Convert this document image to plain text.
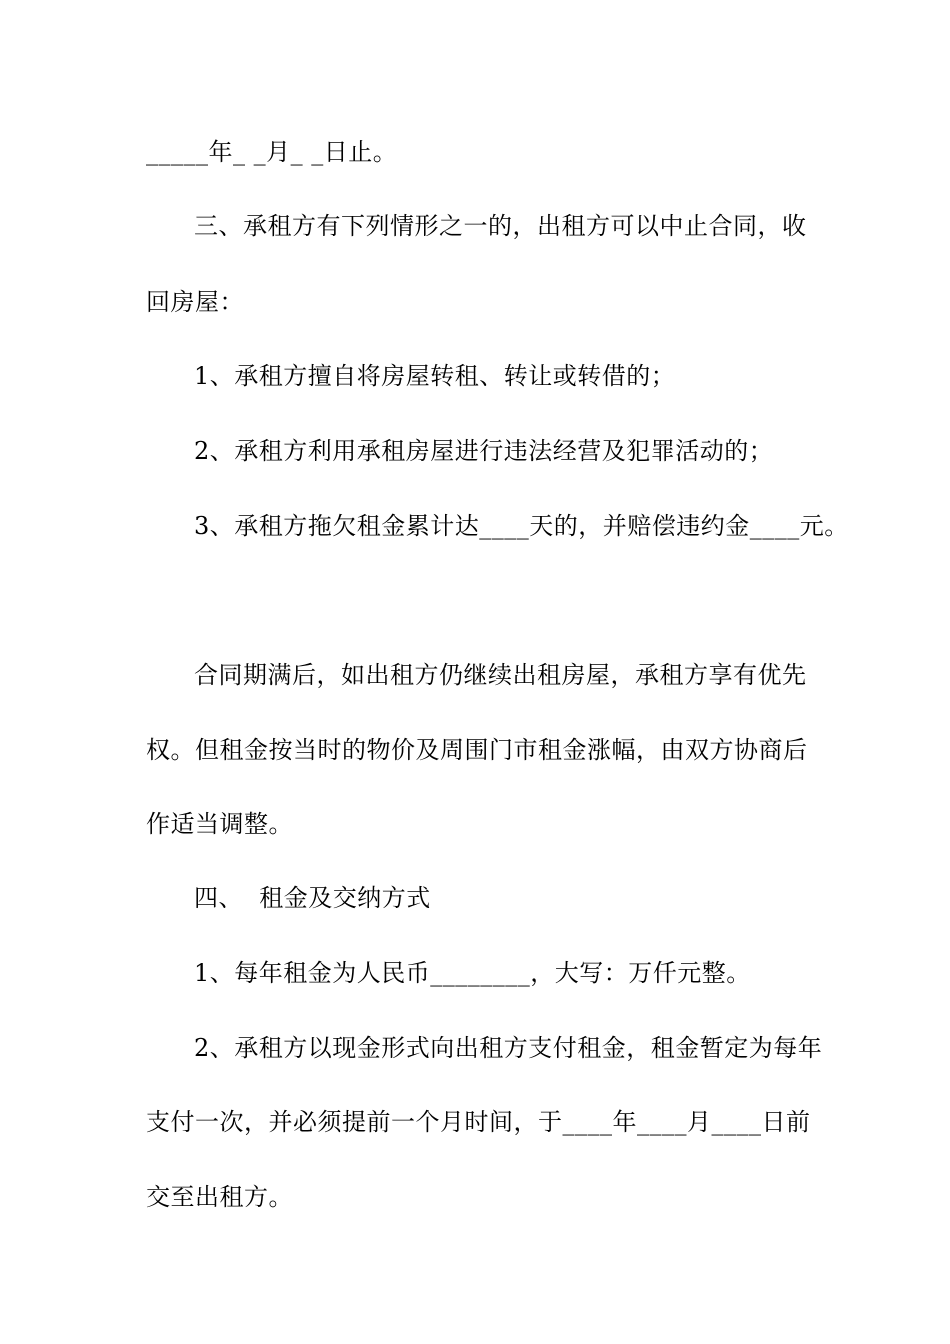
_____年_ _月_ _日止。
三、承租方有下列情形之一的，出租方可以中止合同，收
回房屋：
1、承租方擅自将房屋转租、转让或转借的；
2、承租方利用承租房屋进行违法经营及犯罪活动的；
3、承租方拖欠租金累计达____天的，并赔偿违约金____元。
合同期满后，如出租方仍继续出租房屋，承租方享有优先
权。但租金按当时的物价及周围门市租金涨幅，由双方协商后
作适当调整。
四、  租金及交纳方式
1、每年租金为人民币________，大写：万仟元整。
2、承租方以现金形式向出租方支付租金，租金暂定为每年
支付一次，并必须提前一个月时间，于____年____月____日前
交至出租方。
